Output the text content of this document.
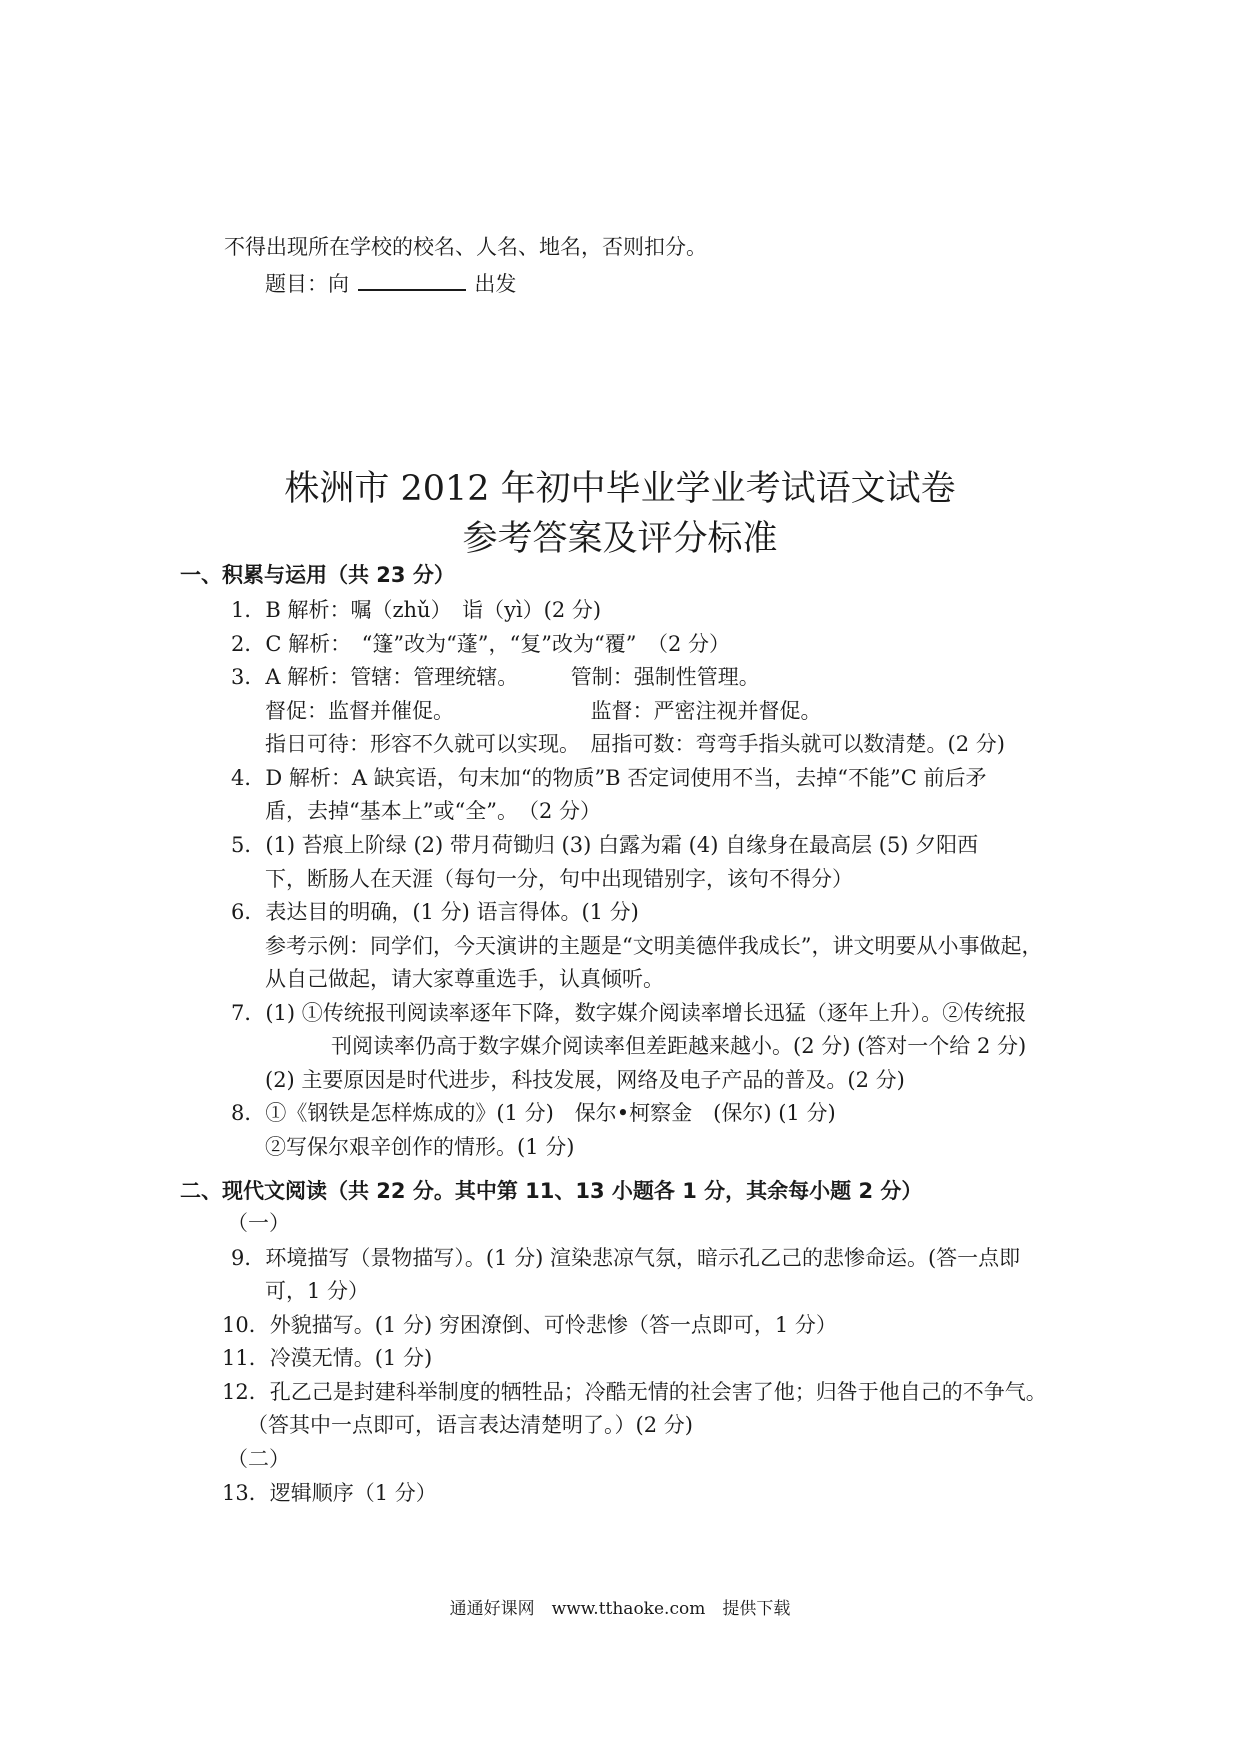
不得出现所在学校的校名、人名、地名，否则扣分。
题目：向	出发
株洲市 2012 年初中毕业学业考试语文试卷
参考答案及评分标准
一、积累与运用（共 23 分）
1．B 解析：嘱（zhǔ）　诣（yì）(2 分)
2．C 解析：　“篷”改为“蓬”，“复”改为“覆”　（2 分）
3．A 解析：管辖：管理统辖。　　　管制：强制性管理。
督促：监督并催促。　　　　　　　监督：严密注视并督促。
指日可待：形容不久就可以实现。　屈指可数：弯弯手指头就可以数清楚。(2 分)
4．D 解析：A 缺宾语，句末加“的物质”B 否定词使用不当，去掉“不能”C 前后矛
盾，去掉“基本上”或“全”。　（2 分）
5．(1) 苔痕上阶绿 (2) 带月荷锄归 (3) 白露为霜 (4) 自缘身在最高层 (5) 夕阳西
下，断肠人在天涯（每句一分，句中出现错别字，该句不得分）
6．表达目的明确，(1 分) 语言得体。(1 分)
参考示例：同学们，今天演讲的主题是“文明美德伴我成长”，讲文明要从小事做起，
从自己做起，请大家尊重选手，认真倾听。
7．(1) ①传统报刊阅读率逐年下降，数字媒介阅读率增长迅猛（逐年上升）。②传统报
刊阅读率仍高于数字媒介阅读率但差距越来越小。(2 分) (答对一个给 2 分)
(2) 主要原因是时代进步，科技发展，网络及电子产品的普及。(2 分)
8．①《钢铁是怎样炼成的》(1 分)　保尔•柯察金　(保尔) (1 分)
②写保尔艰辛创作的情形。(1 分)
二、现代文阅读（共 22 分。其中第 11、13 小题各 1 分，其余每小题 2 分）
（一）
9．环境描写（景物描写）。(1 分) 渲染悲凉气氛，暗示孔乙己的悲惨命运。(答一点即
可，1 分）
10．外貌描写。(1 分) 穷困潦倒、可怜悲惨（答一点即可，1 分）
11．冷漠无情。(1 分)
12．孔乙己是封建科举制度的牺牲品；冷酷无情的社会害了他；归咎于他自己的不争气。
（答其中一点即可，语言表达清楚明了。）(2 分)
（二）
13．逻辑顺序（1 分）
通通好课网　www.tthaoke.com　提供下载
